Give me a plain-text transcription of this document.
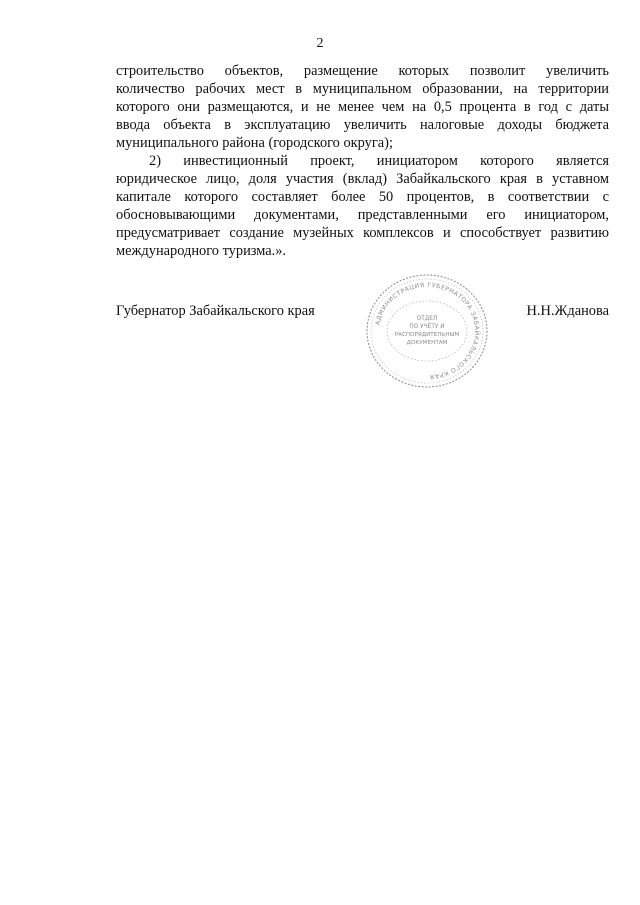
2
строительство объектов, размещение которых позволит увеличить
количество рабочих мест в муниципальном образовании, на территории
которого они размещаются, и не менее чем на 0,5 процента в год с даты
ввода объекта в эксплуатацию увеличить налоговые доходы бюджета
муниципального района (городского округа);
2) инвестиционный проект, инициатором которого является
юридическое лицо, доля участия (вклад) Забайкальского края в уставном
капитале которого составляет более 50 процентов, в соответствии с
обосновывающими документами, представленными его инициатором,
предусматривает создание музейных комплексов и способствует развитию
международного туризма.».
Губернатор Забайкальского края
АДМИНИСТРАЦИЯ ГУБЕРНАТОРА ЗАБАЙКАЛЬСКОГО КРАЯ
ОТДЕЛ
ПО УЧЁТУ И
РАСПОРЯДИТЕЛЬНЫМ
ДОКУМЕНТАМ
Н.Н.Жданова
